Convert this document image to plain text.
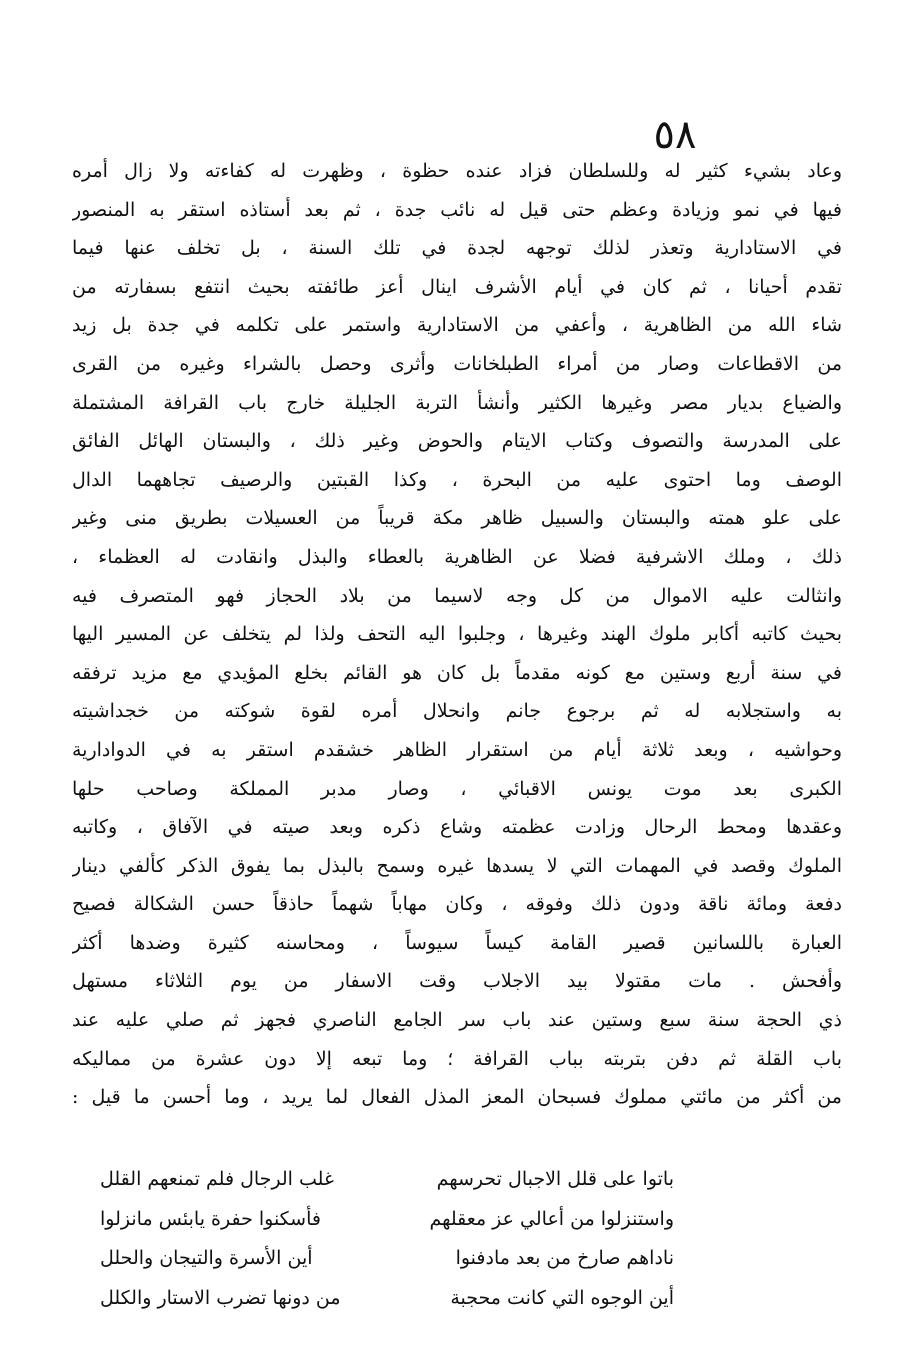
٥٨
وعاد بشيء كثير له وللسلطان فزاد عنده حظوة ، وظهرت له كفاءته ولا زال أمره
فيها في نمو وزيادة وعظم حتى قيل له نائب جدة ، ثم بعد أستاذه استقر به المنصور
في الاستادارية وتعذر لذلك توجهه لجدة في تلك السنة ، بل تخلف عنها فيما
تقدم أحيانا ، ثم كان في أيام الأشرف اينال أعز طائفته بحيث انتفع بسفارته من
شاء الله من الظاهرية ، وأعفي من الاستادارية واستمر على تكلمه في جدة بل زيد
من الاقطاعات وصار من أمراء الطبلخانات وأثرى وحصل بالشراء وغيره من القرى
والضياع بديار مصر وغيرها الكثير وأنشأ التربة الجليلة خارج باب القرافة المشتملة
على المدرسة والتصوف وكتاب الايتام والحوض وغير ذلك ، والبستان الهائل الفائق
الوصف وما احتوى عليه من البحرة ، وكذا القبتين والرصيف تجاههما الدال
على علو همته والبستان والسبيل ظاهر مكة قريباً من العسيلات بطريق منى وغير
ذلك ، وملك الاشرفية فضلا عن الظاهرية بالعطاء والبذل وانقادت له العظماء ،
وانثالت عليه الاموال من كل وجه لاسيما من بلاد الحجاز فهو المتصرف فيه
بحيث كاتبه أكابر ملوك الهند وغيرها ، وجلبوا اليه التحف ولذا لم يتخلف عن المسير اليها
في سنة أربع وستين مع كونه مقدماً بل كان هو القائم بخلع المؤيدي مع مزيد ترفقه
به واستجلابه له ثم برجوع جانم وانحلال أمره لقوة شوكته من خجداشيته
وحواشيه ، وبعد ثلاثة أيام من استقرار الظاهر خشقدم استقر به في الدوادارية
الكبرى بعد موت يونس الاقبائي ، وصار مدبر المملكة وصاحب حلها
وعقدها ومحط الرحال وزادت عظمته وشاع ذكره وبعد صيته في الآفاق ، وكاتبه
الملوك وقصد في المهمات التي لا يسدها غيره وسمح بالبذل بما يفوق الذكر كألفي دينار
دفعة ومائة ناقة ودون ذلك وفوقه ، وكان مهاباً شهماً حاذقاً حسن الشكالة فصيح
العبارة باللسانين قصير القامة كيساً سيوساً ، ومحاسنه كثيرة وضدها أكثر
وأفحش . مات مقتولا بيد الاجلاب وقت الاسفار من يوم الثلاثاء مستهل
ذي الحجة سنة سبع وستين عند باب سر الجامع الناصري فجهز ثم صلي عليه عند
باب القلة ثم دفن بتربته بباب القرافة ؛ وما تبعه إلا دون عشرة من مماليكه
من أكثر من مائتي مملوك فسبحان المعز المذل الفعال لما يريد ، وما أحسن ما قيل :
باتوا على قلل الاجبال تحرسهم
غلب الرجال فلم تمنعهم القلل
واستنزلوا من أعالي عز معقلهم
فأسكنوا حفرة يابئس مانزلوا
ناداهم صارخ من بعد مادفنوا
أين الأسرة والتيجان والحلل
أين الوجوه التي كانت محجبة
من دونها تضرب الاستار والكلل
